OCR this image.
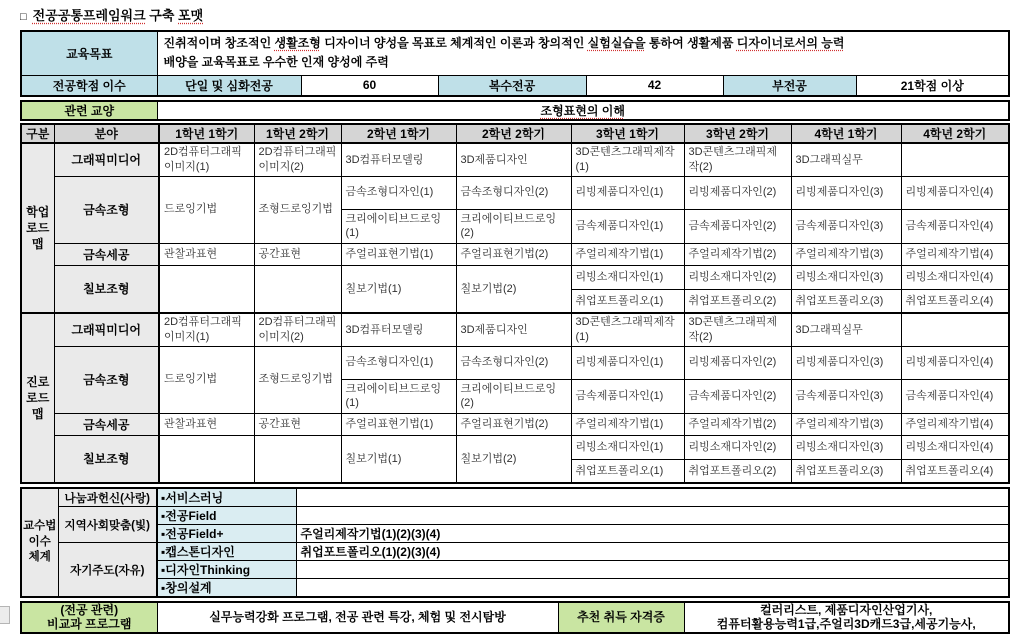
□ 전공공통프레임워크 구축 포맷
교육목표	진취적이며 창조적인 생활조형 디자이너 양성을 목표로 체계적인 이론과 창의적인 실험실습을 통하여 생활제품 디자이너로서의 능력
배양을 교육목표로 우수한 인재 양성에 주력					

전공학점 이수	단일 및 심화전공	60	복수전공	42	부전공	21학점 이상
관련 교양	조형표현의 이해
구분	분야	1학년 1학기	1학년 2학기	2학년 1학기	2학년 2학기	3학년 1학기	3학년 2학기	4학년 1학기	4학년 2학기

학업
로드맵	그래픽미디어	2D컴퓨터그래픽이미지(1)	2D컴퓨터그래픽이미지(2)	3D컴퓨터모델링	3D제품디자인	3D콘텐츠그래픽제작(1)	3D콘텐츠그래픽제작(2)	3D그래픽실무	
	금속조형	드로잉기법	조형드로잉기법	금속조형디자인(1)	금속조형디자인(2)	리빙제품디자인(1)	리빙제품디자인(2)	리빙제품디자인(3)	리빙제품디자인(4)
				크리에이티브드로잉(1)	크리에이티브드로잉(2)	금속제품디자인(1)	금속제품디자인(2)	금속제품디자인(3)	금속제품디자인(4)
	금속세공	관찰과표현	공간표현	주얼리표현기법(1)	주얼리표현기법(2)	주얼리제작기법(1)	주얼리제작기법(2)	주얼리제작기법(3)	주얼리제작기법(4)
	칠보조형			칠보기법(1)	칠보기법(2)	리빙소재디자인(1)	리빙소재디자인(2)	리빙소재디자인(3)	리빙소재디자인(4)
						취업포트폴리오(1)	취업포트폴리오(2)	취업포트폴리오(3)	취업포트폴리오(4)

진로
로드맵	그래픽미디어	2D컴퓨터그래픽이미지(1)	2D컴퓨터그래픽이미지(2)	3D컴퓨터모델링	3D제품디자인	3D콘텐츠그래픽제작(1)	3D콘텐츠그래픽제작(2)	3D그래픽실무	
	금속조형	드로잉기법	조형드로잉기법	금속조형디자인(1)	금속조형디자인(2)	리빙제품디자인(1)	리빙제품디자인(2)	리빙제품디자인(3)	리빙제품디자인(4)
				크리에이티브드로잉(1)	크리에이티브드로잉(2)	금속제품디자인(1)	금속제품디자인(2)	금속제품디자인(3)	금속제품디자인(4)
	금속세공	관찰과표현	공간표현	주얼리표현기법(1)	주얼리표현기법(2)	주얼리제작기법(1)	주얼리제작기법(2)	주얼리제작기법(3)	주얼리제작기법(4)
	칠보조형			칠보기법(1)	칠보기법(2)	리빙소재디자인(1)	리빙소재디자인(2)	리빙소재디자인(3)	리빙소재디자인(4)
						취업포트폴리오(1)	취업포트폴리오(2)	취업포트폴리오(3)	취업포트폴리오(4)
교수법
이수
체계	나눔과헌신(사랑)	▪서비스러닝	
	지역사회맞춤(빛)	▪전공Field	
		▪전공Field+	주얼리제작기법(1)(2)(3)(4)
	자기주도(자유)	▪캡스톤디자인	취업포트폴리오(1)(2)(3)(4)
		▪디자인Thinking	
		▪창의설계	
(전공 관련)
비교과 프로그램
	실무능력강화 프로그램, 전공 관련 특강, 체험 및 전시탐방	추천 취득 자격증	
컬러리스트, 제품디자인산업기사,
컴퓨터활용능력1급,주얼리3D캐드3급,세공기능사,
